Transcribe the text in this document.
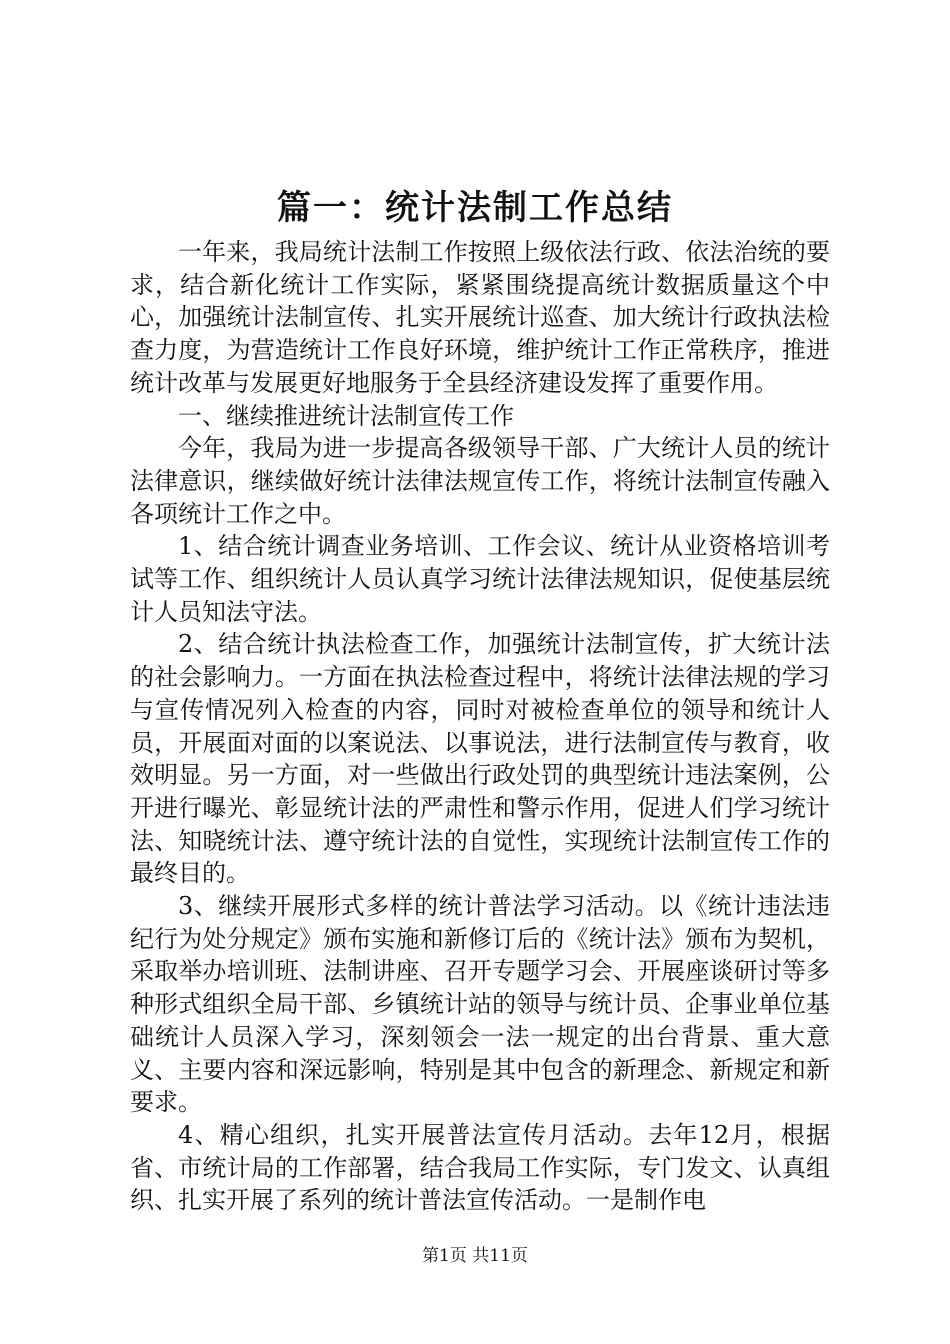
篇一：统计法制工作总结

一年来，我局统计法制工作按照上级依法行政、依法治统的要求，结合新化统计工作实际，紧紧围绕提高统计数据质量这个中心，加强统计法制宣传、扎实开展统计巡查、加大统计行政执法检查力度，为营造统计工作良好环境，维护统计工作正常秩序，推进统计改革与发展更好地服务于全县经济建设发挥了重要作用。

一、继续推进统计法制宣传工作

今年，我局为进一步提高各级领导干部、广大统计人员的统计法律意识，继续做好统计法律法规宣传工作，将统计法制宣传融入各项统计工作之中。

1、结合统计调查业务培训、工作会议、统计从业资格培训考试等工作、组织统计人员认真学习统计法律法规知识，促使基层统计人员知法守法。

2、结合统计执法检查工作，加强统计法制宣传，扩大统计法的社会影响力。一方面在执法检查过程中，将统计法律法规的学习与宣传情况列入检查的内容，同时对被检查单位的领导和统计人员，开展面对面的以案说法、以事说法，进行法制宣传与教育，收效明显。另一方面，对一些做出行政处罚的典型统计违法案例，公开进行曝光、彰显统计法的严肃性和警示作用，促进人们学习统计法、知晓统计法、遵守统计法的自觉性，实现统计法制宣传工作的最终目的。

3、继续开展形式多样的统计普法学习活动。以《统计违法违纪行为处分规定》颁布实施和新修订后的《统计法》颁布为契机，采取举办培训班、法制讲座、召开专题学习会、开展座谈研讨等多种形式组织全局干部、乡镇统计站的领导与统计员、企事业单位基础统计人员深入学习，深刻领会一法一规定的出台背景、重大意义、主要内容和深远影响，特别是其中包含的新理念、新规定和新要求。

4、精心组织，扎实开展普法宣传月活动。去年12月，根据省、市统计局的工作部署，结合我局工作实际，专门发文、认真组织、扎实开展了系列的统计普法宣传活动。一是制作电

第1页 共11页
